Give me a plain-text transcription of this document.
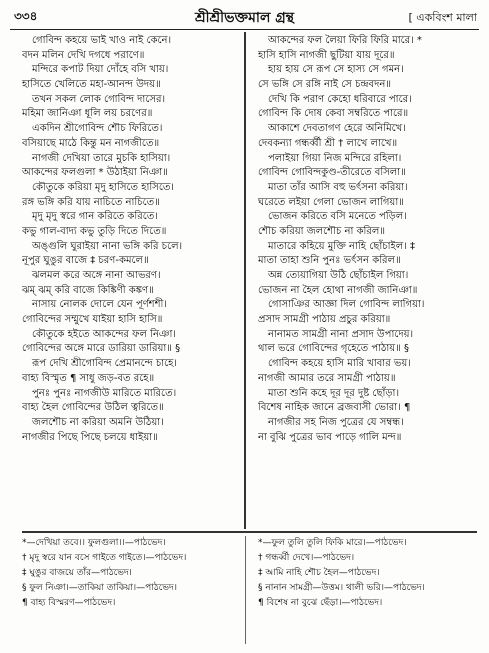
৩৩৪	শ্রীশ্রীভক্তমাল গ্রন্থ	[ একবিংশ মালা
গোবিন্দ কহয়ে ভাই খাও নাই কেনে।
বদন মলিন দেখি দগধে পরাণে॥
মন্দিরে কপাট দিয়া দোঁহে বসি খায়।
হাসিতে খেলিতে মহা-আনন্দ উদয়॥
তখন সকল লোক গোবিন্দ দাসের।
মহিমা জানিঞা ধূলি লয় চরণের॥
একদিন শ্রীগোবিন্দ শৌচ ফিরিতে।
বসিয়াছে মাঠে কিন্তু মন নাগজীতে॥
নাগজী দেখিয়া তারে মুচকি হাসিয়া।
আকন্দের ফলগুলা * উঠাইয়া নিঞা॥
কৌতুকে করিয়া মৃদু হাসিতে হাসিতে।
রঙ্গ ভঙ্গি করি যায় নাচিতে নাচিতে॥
মৃদু মৃদু স্বরে গান করিতে করিতে।
কভু গাল-বাদ্য কভু তুড়ি দিতে দিতে॥
অঙ্গুলি ঘুরাইয়া নানা ভঙ্গি করি চলে।
নূপুর ঘুঙুর বাজে ‡ চরণ-কমলে॥
ঝলমল করে অঙ্গে নানা আভরণ।
ঝম্ ঝম্ করি বাজে কিঙ্কিণী কঙ্কণ॥
নাসায় নোলক দোলে যেন পূর্ণশশী।
গোবিন্দের সম্মুখে যাইয়া হাসি হাসি॥
কৌতুকে হইতে আকন্দের ফল নিঞা।
গোবিন্দের অঙ্গে মারে ডারিয়া ডারিয়া॥ §
রূপ দেখি শ্রীগোবিন্দ প্রেমানন্দে চাহে।
বাহ্য বিস্মৃত ¶ সাধু জড়-বত রহে॥
পুনঃ পুনঃ নাগজীউ মারিতে মারিতে।
বাহ্য হৈল গোবিন্দের উঠিল ত্বরিতে॥
জলশৌচ না করিয়া অমনি উঠিয়া।
নাগজীর পিছে পিছে চলয়ে ধাইয়া॥
আকন্দের ফল লৈয়া ফিরি ফিরি মারে। *
হাসি হাসি নাগজী ছুটিয়া যায় দূরে॥
হায় হায় সে রূপ সে হাস্য সে গমন।
সে ভঙ্গি সে রঙ্গি নাই সে চন্দ্রবদন॥
দেখি কি পরাণ কেহো ধরিবারে পারে।
গোবিন্দ কি দোষ কেবা সম্বরিতে পারে॥
আকাশে দেবতাগণ হেরে অনিমিখে।
দেবকন্যা গন্ধর্ব্বী শ্রী † লাখে লাখে॥
পলাইয়া গিয়া নিজ মন্দিরে রহিলা।
গোবিন্দ গোবিন্দকুণ্ড-তীরেতে বসিলা॥
মাতা তাঁর আসি বহু ভর্ৎসনা করিয়া।
ঘরেতে লইয়া গেলা ভোজন লাগিয়া॥
ভোজন করিতে বসি মনেতে পড়িল।
শৌচ করিয়া জলশৌচ না করিল॥
মাতারে কহিয়ে মুক্তি নাহি ছোঁচাইল। ‡
মাতা তাহা শুনি পুনঃ ভর্ৎসন করিল॥
অন্ন ত্যেয়াগিয়া উঠি ছোঁচাইল গিয়া।
ভোজন না হৈল হোথা নাগজী জানিঞা॥
গোসাঞির আজ্ঞা দিল গোবিন্দ লাগিয়া।
প্রসাদ সামগ্রী পাঠায় প্রচুর করিয়া॥
নানামত সামগ্রী নানা প্রসাদ উপাদেয়।
থাল ভরে গোবিন্দের গৃহেতে পাঠায়॥ §
গোবিন্দ কহয়ে হাসি মারি খাবার ভয়।
নাগজী আমার তরে সামগ্রী পাঠায়॥
মাতা শুনি কহে দূর দূর দুষ্ট ছোঁড়া।
বিশেষ নাহিক জানে ব্রজবাসী ভোরা। ¶
নাগজীর সহ নিজ পুত্রের যে সম্বন্ধ।
না বুঝি পুত্রের ভাব পাড়ে গালি মন্দ॥
*—দেখিয়া তবে।। ফুলগুলা।।—পাঠভেদ।
† মৃদু স্বরে যান বসে গাইতে গাইতে।—পাঠভেদ।
‡ ঘুঙুর বাজয়ে তাঁর—পাঠভেদ।
§ ফুল নিঞা।—তাকিয়া তাকিয়া।—পাঠভেদ।
¶ বাহ্য বিস্মরণ—পাঠভেদ।
*—ফুল তুলি তুলি ফিকি মারে।—পাঠভেদ।
† গন্ধর্ব্বী দেখে।—পাঠভেদ।
‡ আমি নাহি শৌচ হৈল—পাঠভেদ।
§ নানান সামগ্রী—উত্তম। থালী ভরি।—পাঠভেদ।
¶ বিশেষ না বুঝে ছেঁড়া।—পাঠভেদ।
